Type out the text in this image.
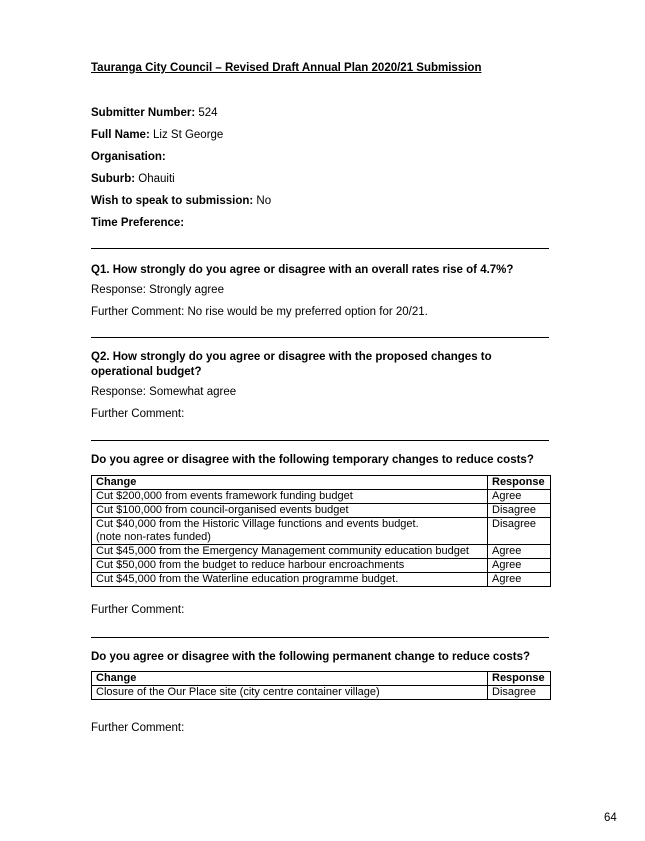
Tauranga City Council – Revised Draft Annual Plan 2020/21 Submission
Submitter Number: 524
Full Name: Liz St George
Organisation:
Suburb: Ohauiti
Wish to speak to submission: No
Time Preference:
Q1. How strongly do you agree or disagree with an overall rates rise of 4.7%?
Response: Strongly agree
Further Comment: No rise would be my preferred option for 20/21.
Q2. How strongly do you agree or disagree with the proposed changes to operational budget?
Response: Somewhat agree
Further Comment:
Do you agree or disagree with the following temporary changes to reduce costs?
Change	Response
Cut $200,000 from events framework funding budget	Agree
Cut $100,000 from council-organised events budget	Disagree

Cut $40,000 from the Historic Village functions and events budget.
(note non-rates funded)	Disagree
Cut $45,000 from the Emergency Management community education budget	Agree
Cut $50,000 from the budget to reduce harbour encroachments	Agree
Cut $45,000 from the Waterline education programme budget.	Agree
Further Comment:
Do you agree or disagree with the following permanent change to reduce costs?
Change	Response
Closure of the Our Place site (city centre container village)	Disagree
Further Comment:
64
